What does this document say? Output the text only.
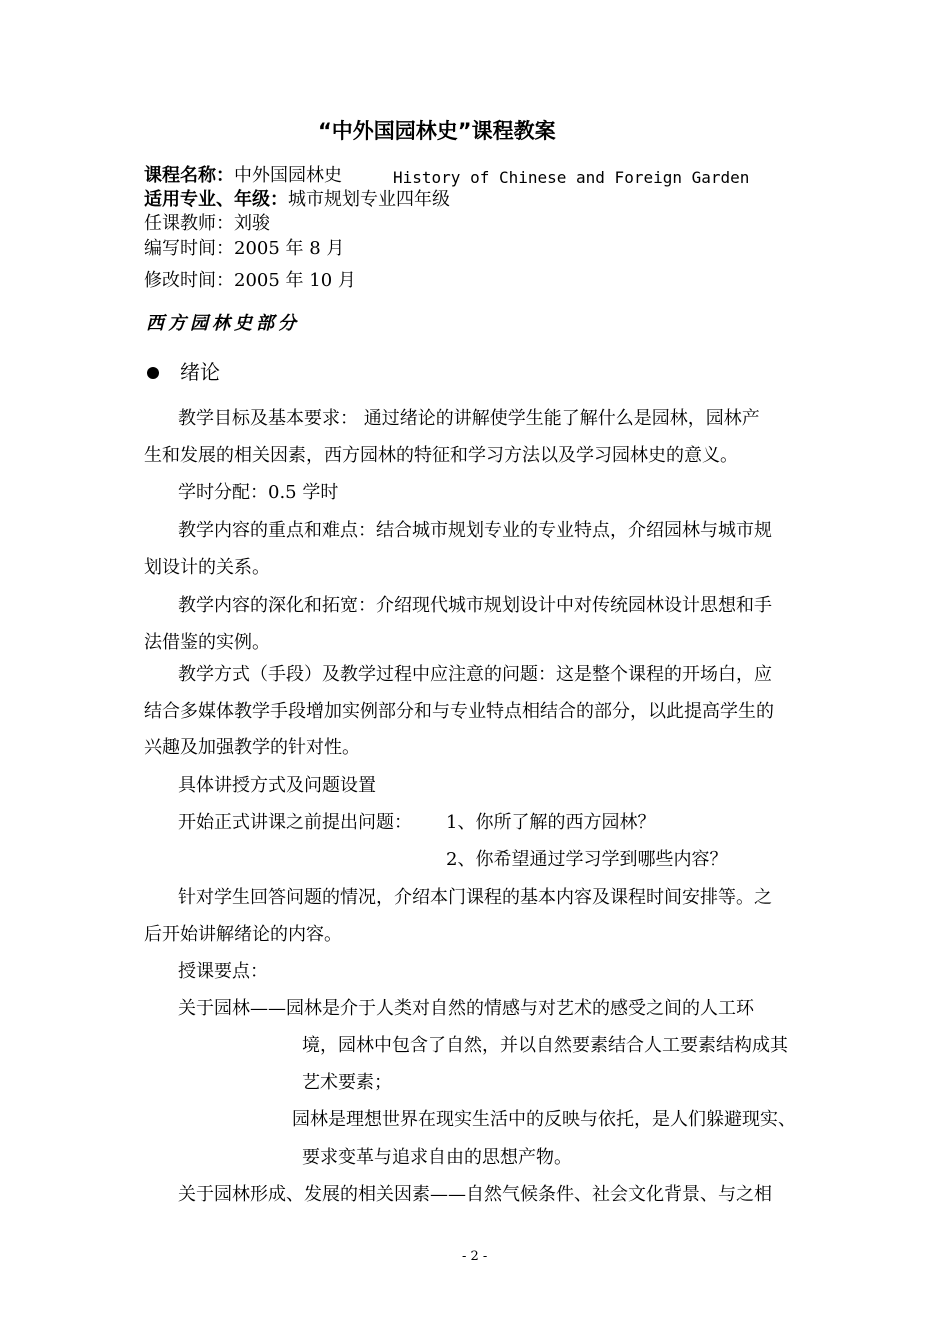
“中外国园林史”课程教案
课程名称：中外国园林史	History of Chinese and Foreign Garden
适用专业、年级：城市规划专业四年级
任课教师：刘骏
编写时间：2005 年 8 月
修改时间：2005 年 10 月
西方园林史部分
绪论
教学目标及基本要求： 通过绪论的讲解使学生能了解什么是园林，园林产
生和发展的相关因素，西方园林的特征和学习方法以及学习园林史的意义。
学时分配：0.5 学时
教学内容的重点和难点：结合城市规划专业的专业特点，介绍园林与城市规
划设计的关系。
教学内容的深化和拓宽：介绍现代城市规划设计中对传统园林设计思想和手
法借鉴的实例。
教学方式（手段）及教学过程中应注意的问题：这是整个课程的开场白，应
结合多媒体教学手段增加实例部分和与专业特点相结合的部分，以此提高学生的
兴趣及加强教学的针对性。
具体讲授方式及问题设置
开始正式讲课之前提出问题： 1、你所了解的西方园林？
2、你希望通过学习学到哪些内容？
针对学生回答问题的情况，介绍本门课程的基本内容及课程时间安排等。之
后开始讲解绪论的内容。
授课要点：
关于园林——园林是介于人类对自然的情感与对艺术的感受之间的人工环
境，园林中包含了自然，并以自然要素结合人工要素结构成其
艺术要素；
园林是理想世界在现实生活中的反映与依托，是人们躲避现实、
要求变革与追求自由的思想产物。
关于园林形成、发展的相关因素——自然气候条件、社会文化背景、与之相
- 2 -
